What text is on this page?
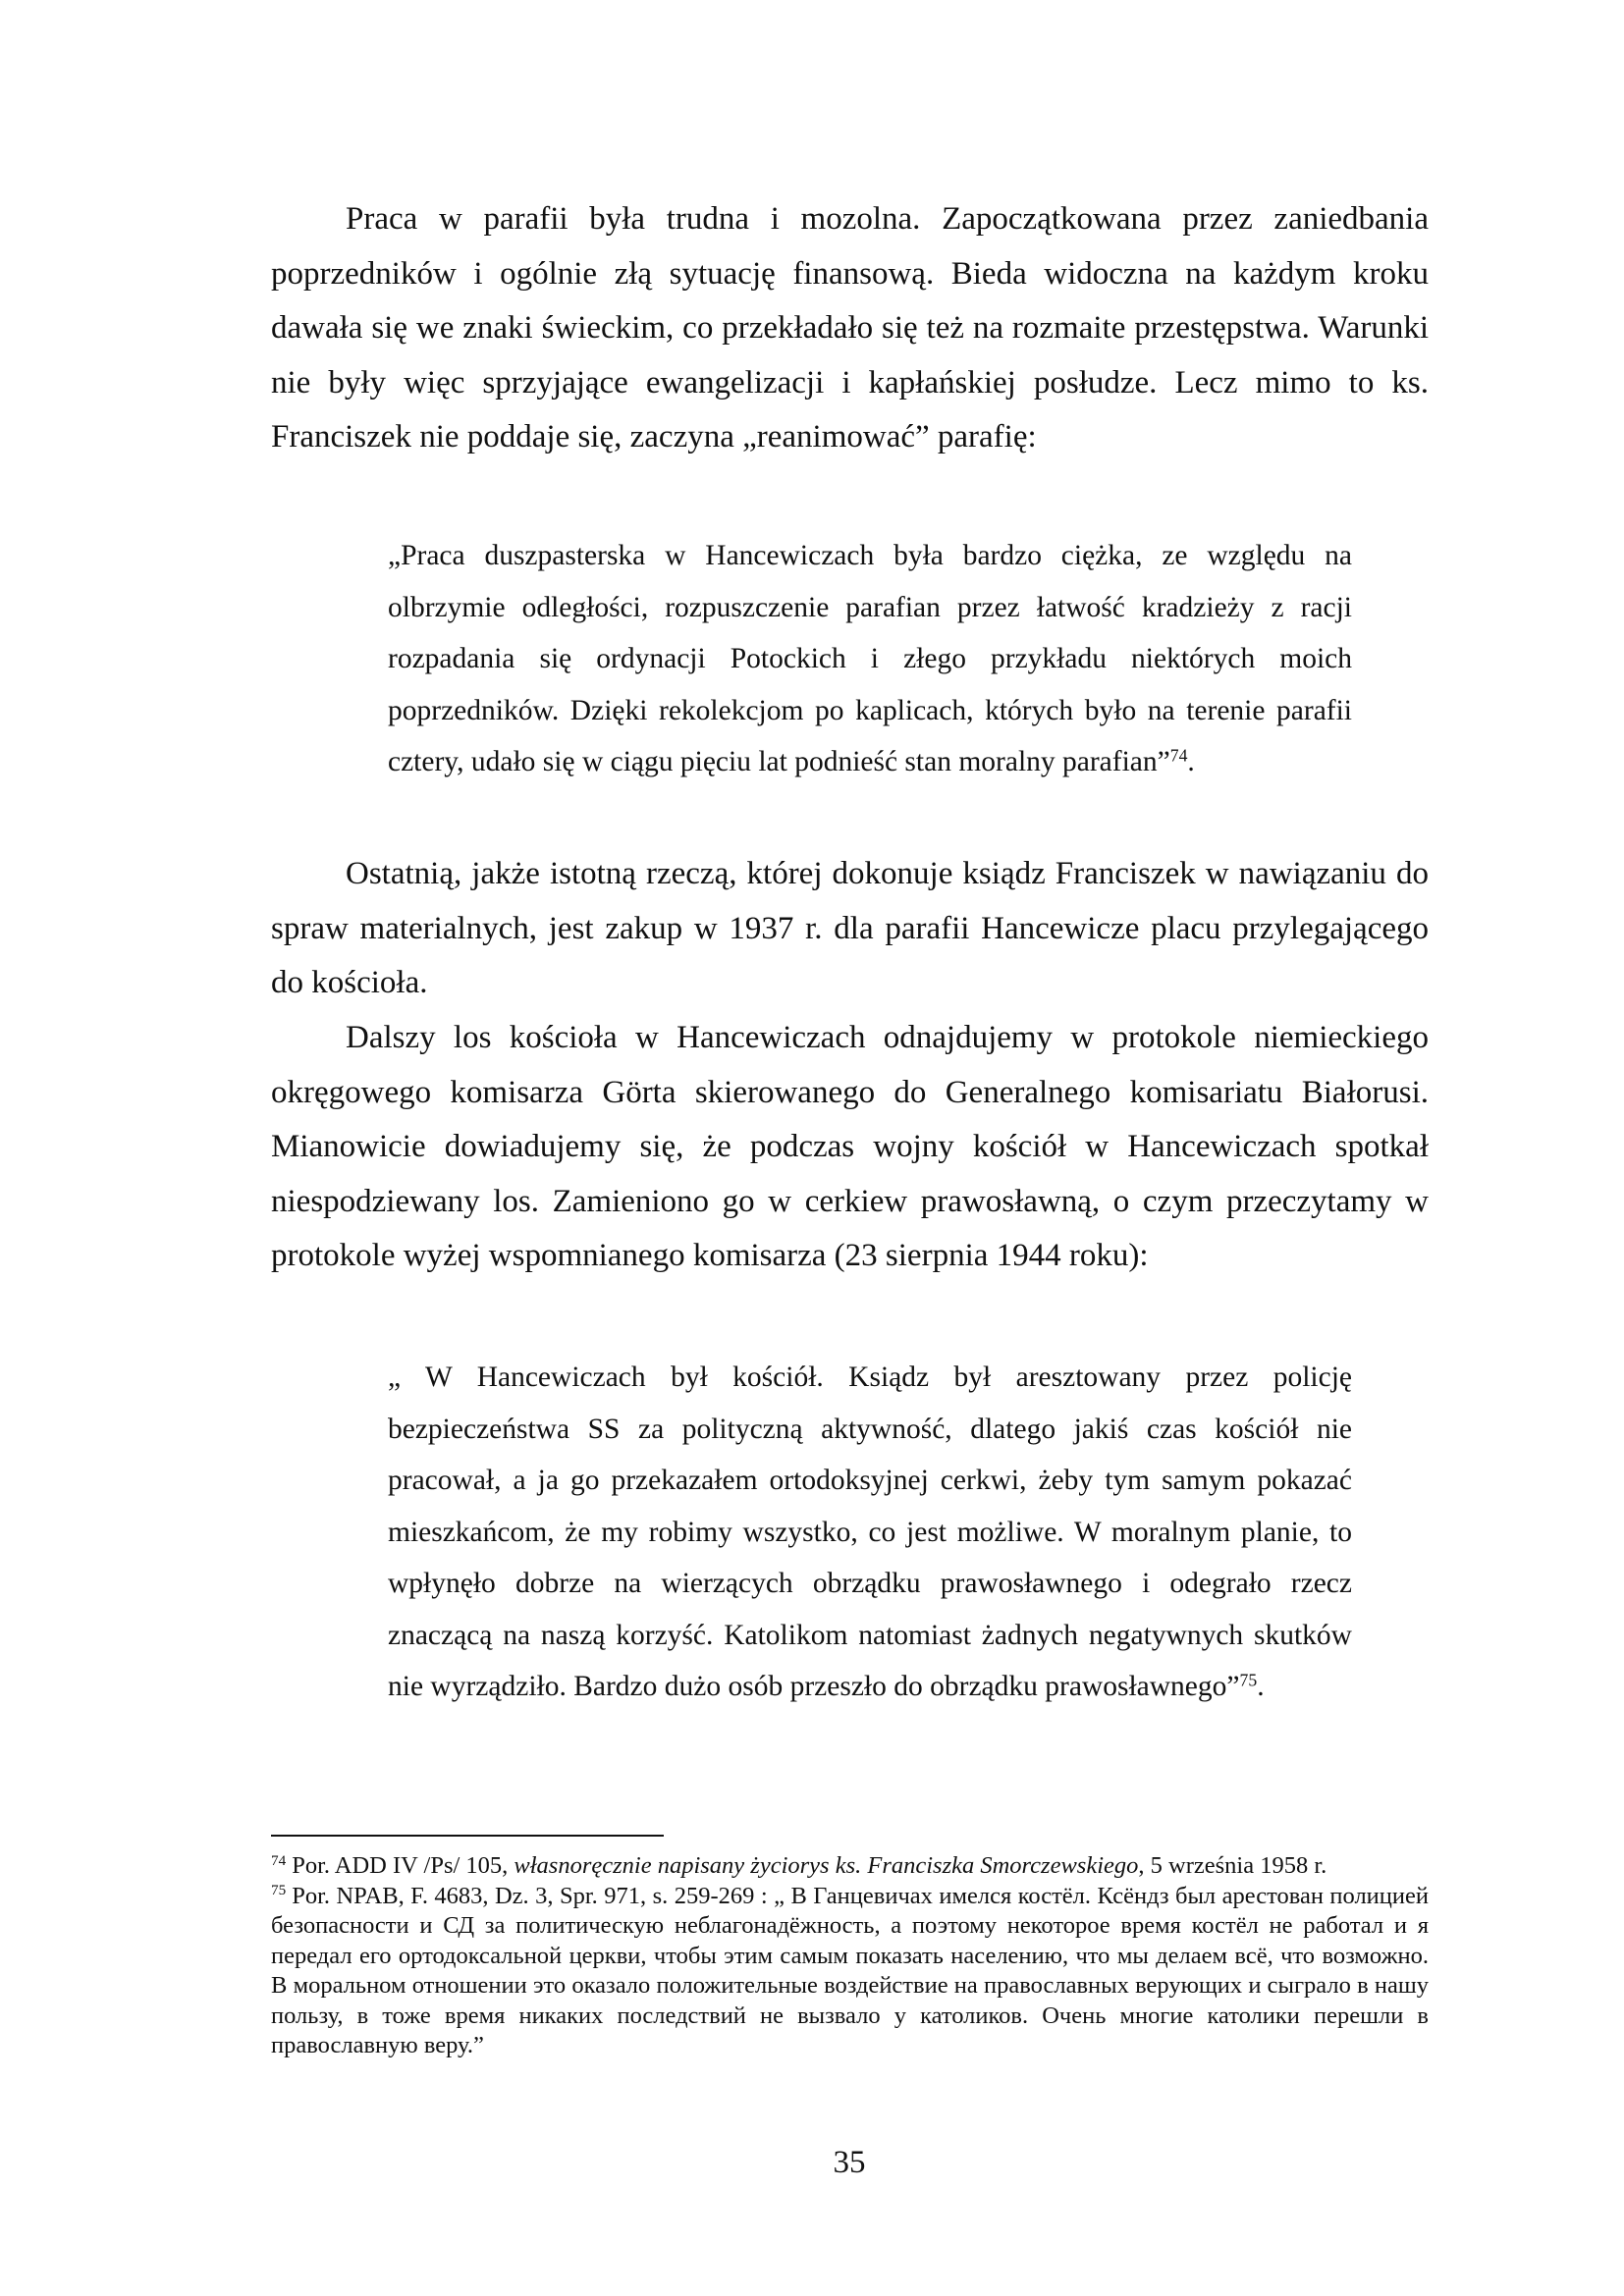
Praca w parafii była trudna i mozolna. Zapoczątkowana przez zaniedbania poprzedników i ogólnie złą sytuację finansową. Bieda widoczna na każdym kroku dawała się we znaki świeckim, co przekładało się też na rozmaite przestępstwa. Warunki nie były więc sprzyjające ewangelizacji i kapłańskiej posłudze. Lecz mimo to ks. Franciszek nie poddaje się, zaczyna „reanimować” parafię:

„Praca duszpasterska w Hancewiczach była bardzo ciężka, ze względu na olbrzymie odległości, rozpuszczenie parafian przez łatwość kradzieży z racji rozpadania się ordynacji Potockich i złego przykładu niektórych moich poprzedników. Dzięki rekolekcjom po kaplicach, których było na terenie parafii cztery, udało się w ciągu pięciu lat podnieść stan moralny parafian”$^{74}$.

Ostatnią, jakże istotną rzeczą, której dokonuje ksiądz Franciszek w nawiązaniu do spraw materialnych, jest zakup w 1937 r. dla parafii Hancewicze placu przylegającego do kościoła.

Dalszy los kościoła w Hancewiczach odnajdujemy w protokole niemieckiego okręgowego komisarza Görta skierowanego do Generalnego komisariatu Białorusi. Mianowicie dowiadujemy się, że podczas wojny kościół w Hancewiczach spotkał niespodziewany los. Zamieniono go w cerkiew prawosławną, o czym przeczytamy w protokole wyżej wspomnianego komisarza (23 sierpnia 1944 roku):

„ W Hancewiczach był kościół. Ksiądz był aresztowany przez policję bezpieczeństwa SS za polityczną aktywność, dlatego jakiś czas kościół nie pracował, a ja go przekazałem ortodoksyjnej cerkwi, żeby tym samym pokazać mieszkańcom, że my robimy wszystko, co jest możliwe. W moralnym planie, to wpłynęło dobrze na wierzących obrządku prawosławnego i odegrało rzecz znaczącą na naszą korzyść. Katolikom natomiast żadnych negatywnych skutków nie wyrządziło. Bardzo dużo osób przeszło do obrządku prawosławnego”$^{75}$.

$^{74}$ Por. ADD IV /Ps/ 105, własnoręcznie napisany życiorys ks. Franciszka Smorczewskiego, 5 września 1958 r.

$^{75}$ Por. NPAB, F. 4683, Dz. 3, Spr. 971, s. 259-269 : „ В Ганцевичах имелся костёл. Ксёндз был арестован полицией безопасности и СД за политическую неблагонадёжность, а поэтому некоторое время костёл не работал и я передал его ортодоксальной церкви, чтобы этим самым показать населению, что мы делаем всё, что возможно. В моральном отношении это оказало положительные воздействие на православных верующих и сыграло в нашу пользу, в тоже время никаких последствий не вызвало у католиков. Очень многие католики перешли в православную веру.”

35
